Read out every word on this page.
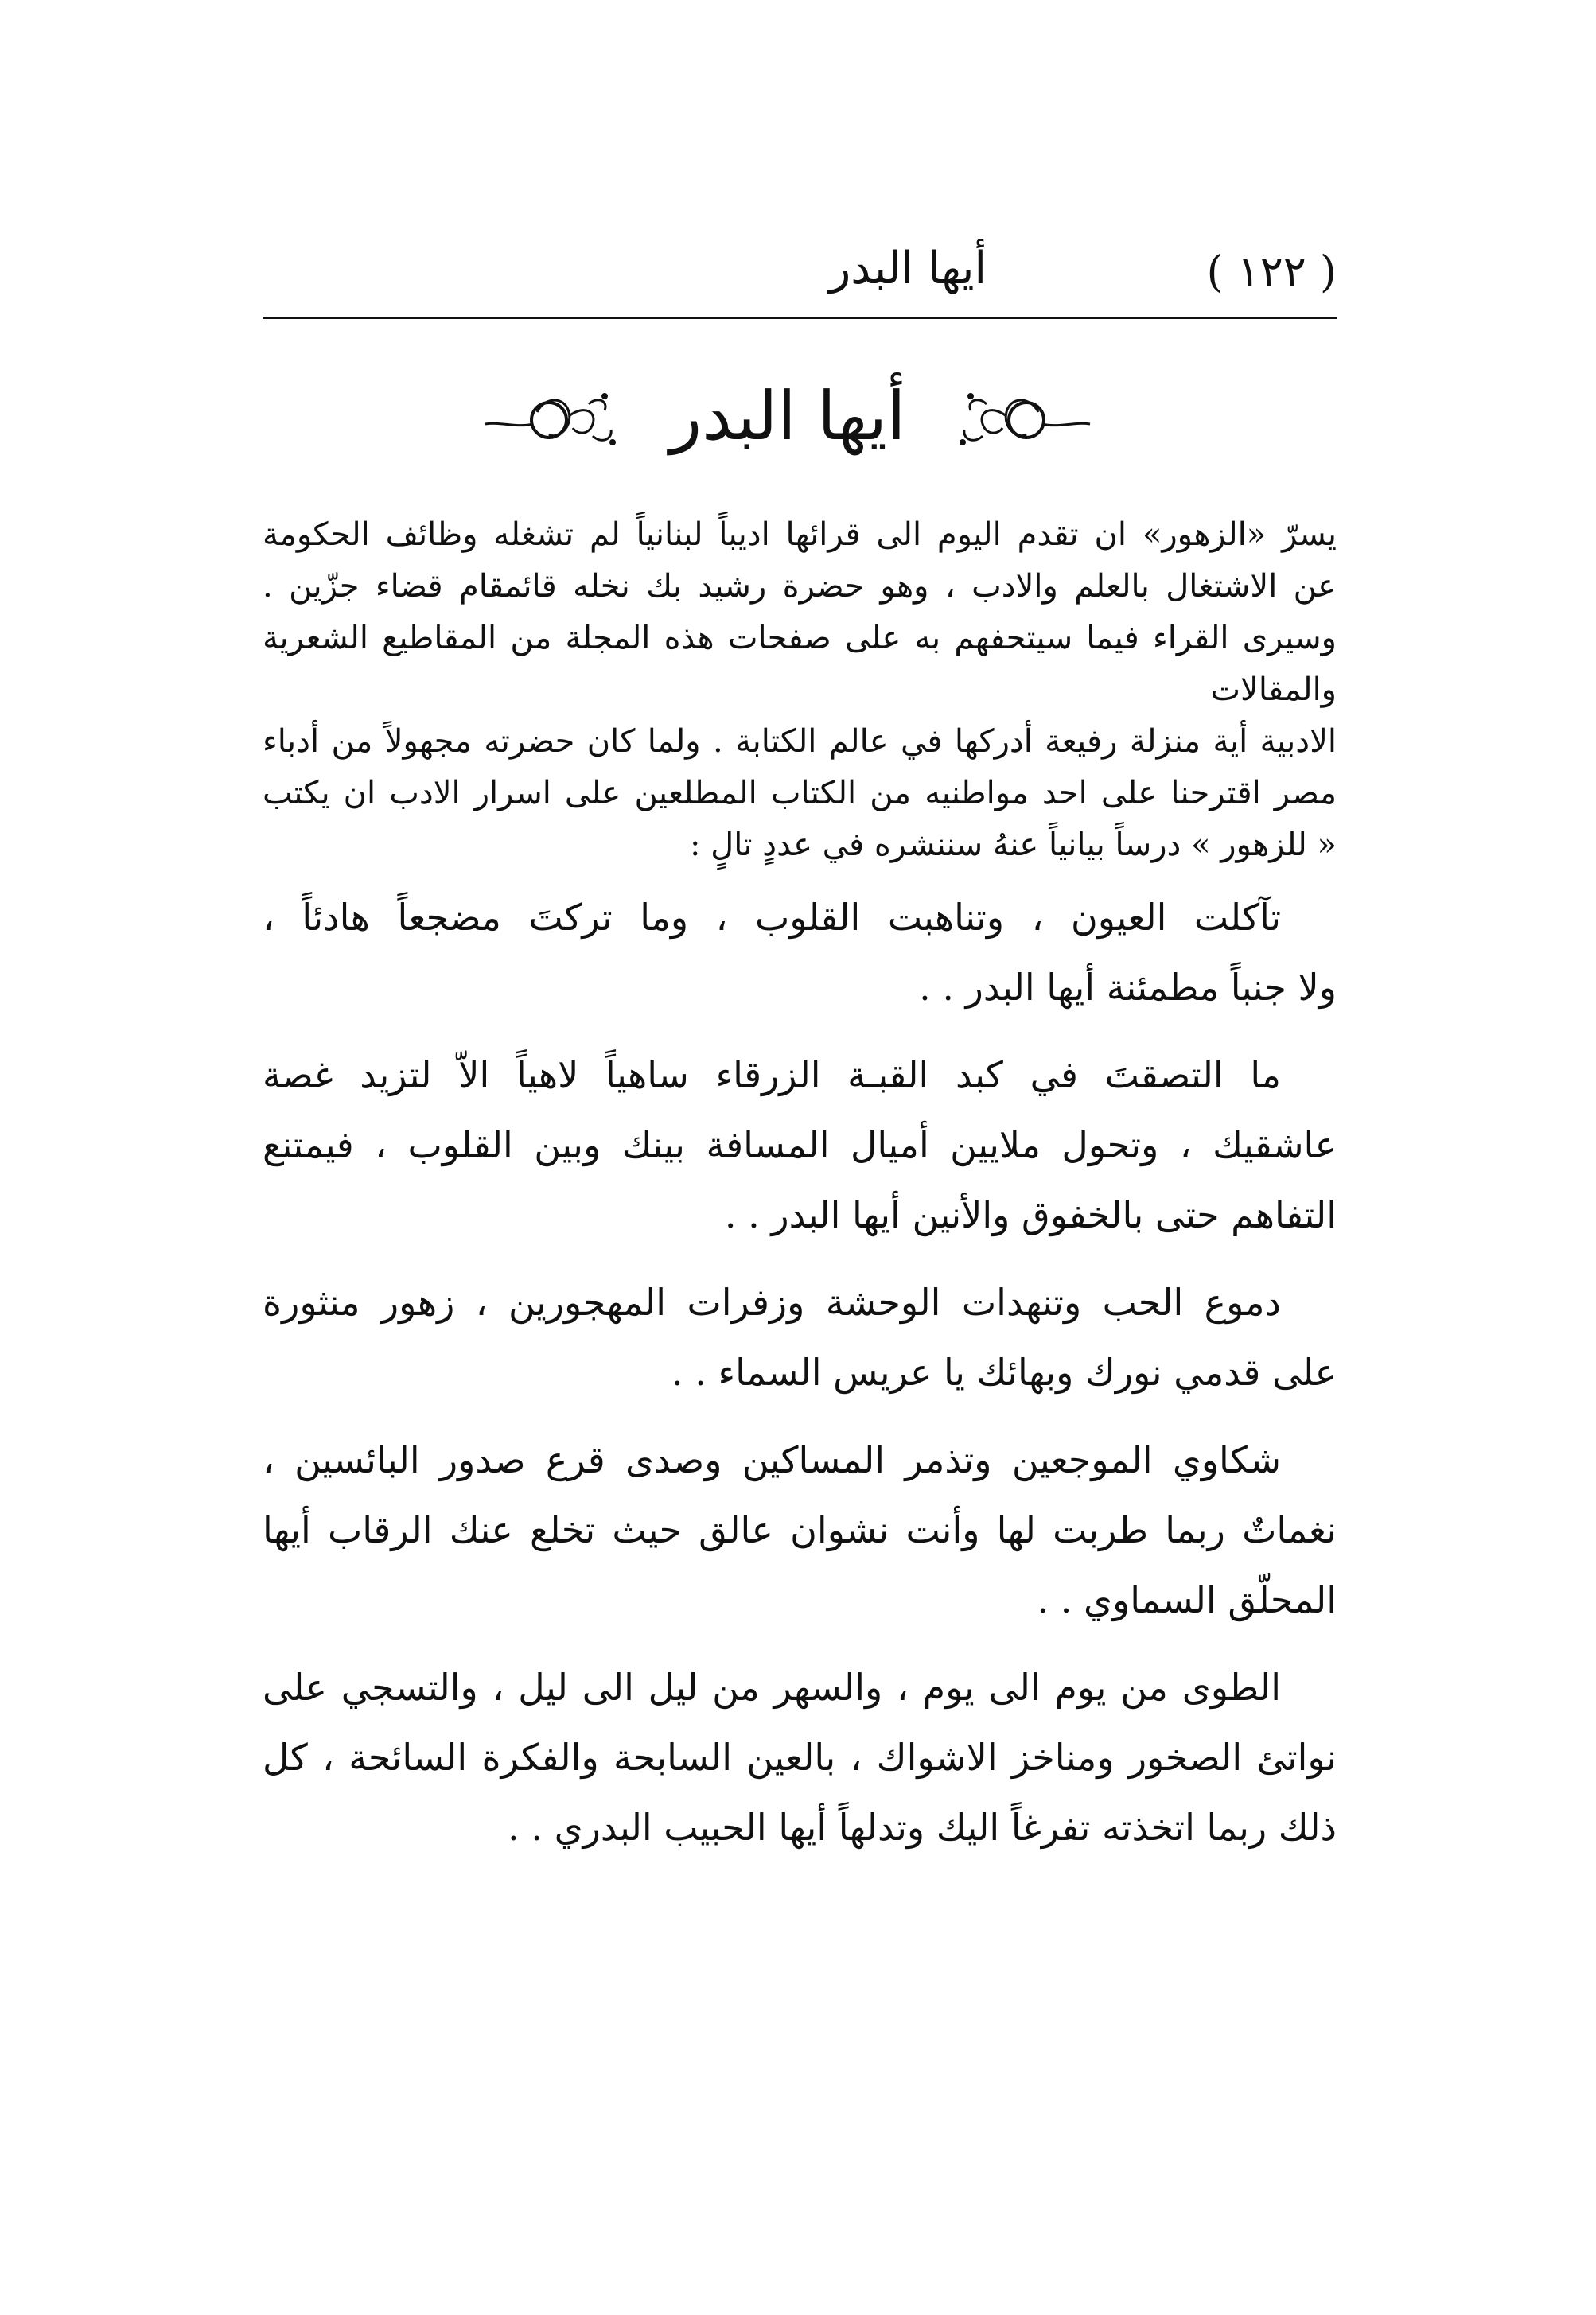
أيها البدر	( ١٢٢ )
أيها البدر

يسرّ «الزهور» ان تقدم اليوم الى قرائها اديباً لبنانياً لم تشغله وظائف الحكومة
عن الاشتغال بالعلم والادب ، وهو حضرة رشيد بك نخله قائمقام قضاء جزّين .
وسيرى القراء فيما سيتحفهم به على صفحات هذه المجلة من المقاطيع الشعرية والمقالات
الادبية أية منزلة رفيعة أدركها في عالم الكتابة . ولما كان حضرته مجهولاً من أدباء
مصر اقترحنا على احد مواطنيه من الكتاب المطلعين على اسرار الادب ان يكتب
« للزهور » درساً بيانياً عنهُ سننشره في عددٍ تالٍ :

تآكلت العيون ، وتناهبت القلوب ، وما تركتَ مضجعاً هادئاً ،
ولا جنباً مطمئنة أيها البدر . .

ما التصقتَ في كبد القبـة الزرقاء ساهياً لاهياً الاّ لتزيد غصة
عاشقيك ، وتحول ملايين أميال المسافة بينك وبين القلوب ، فيمتنع
التفاهم حتى بالخفوق والأنين أيها البدر . .

دموع الحب وتنهدات الوحشة وزفرات المهجورين ، زهور منثورة
على قدمي نورك وبهائك يا عريس السماء . .

شكاوي الموجعين وتذمر المساكين وصدى قرع صدور البائسين ،
نغماتٌ ربما طربت لها وأنت نشوان عالق حيث تخلع عنك الرقاب أيها
المحلّق السماوي . .

الطوى من يوم الى يوم ، والسهر من ليل الى ليل ، والتسجي على
نواتئ الصخور ومناخز الاشواك ، بالعين السابحة والفكرة السائحة ، كل
ذلك ربما اتخذته تفرغاً اليك وتدلهاً أيها الحبيب البدري . .
